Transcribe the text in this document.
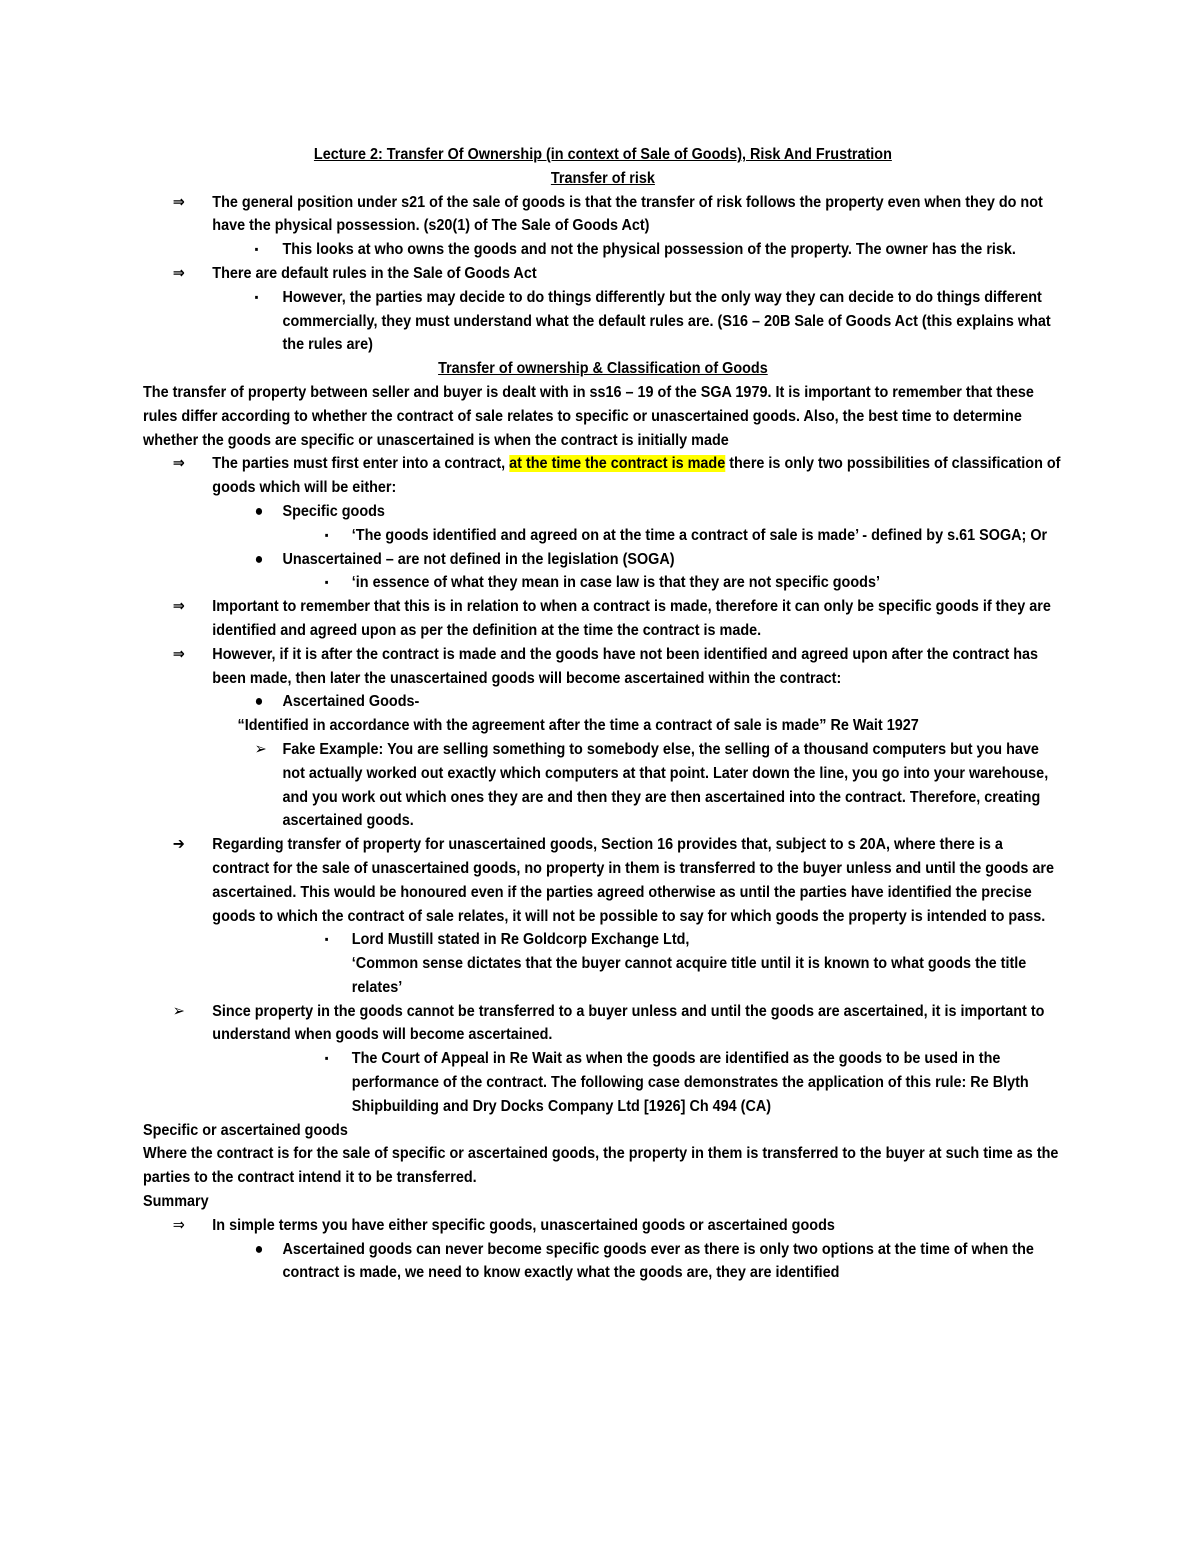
Lecture 2: Transfer Of Ownership (in context of Sale of Goods), Risk And Frustration
Transfer of risk
⇒ The general position under s21 of the sale of goods is that the transfer of risk follows the property even when they do not have the physical possession. (s20(1) of The Sale of Goods Act)
▪ This looks at who owns the goods and not the physical possession of the property. The owner has the risk.
⇒ There are default rules in the Sale of Goods Act
▪ However, the parties may decide to do things differently but the only way they can decide to do things different commercially, they must understand what the default rules are. (S16 – 20B Sale of Goods Act (this explains what the rules are)
Transfer of ownership & Classification of Goods
The transfer of property between seller and buyer is dealt with in ss16 – 19 of the SGA 1979. It is important to remember that these rules differ according to whether the contract of sale relates to specific or unascertained goods. Also, the best time to determine whether the goods are specific or unascertained is when the contract is initially made
⇒ The parties must first enter into a contract, at the time the contract is made there is only two possibilities of classification of goods which will be either:
● Specific goods
▪ ‘The goods identified and agreed on at the time a contract of sale is made’ - defined by s.61 SOGA; Or
● Unascertained – are not defined in the legislation (SOGA)
▪ ‘in essence of what they mean in case law is that they are not specific goods’
⇒ Important to remember that this is in relation to when a contract is made, therefore it can only be specific goods if they are identified and agreed upon as per the definition at the time the contract is made.
⇒ However, if it is after the contract is made and the goods have not been identified and agreed upon after the contract has been made, then later the unascertained goods will become ascertained within the contract:
● Ascertained Goods-
“Identified in accordance with the agreement after the time a contract of sale is made” Re Wait 1927
➢ Fake Example: You are selling something to somebody else, the selling of a thousand computers but you have not actually worked out exactly which computers at that point. Later down the line, you go into your warehouse, and you work out which ones they are and then they are then ascertained into the contract. Therefore, creating ascertained goods.
➔ Regarding transfer of property for unascertained goods, Section 16 provides that, subject to s 20A, where there is a contract for the sale of unascertained goods, no property in them is transferred to the buyer unless and until the goods are ascertained. This would be honoured even if the parties agreed otherwise as until the parties have identified the precise goods to which the contract of sale relates, it will not be possible to say for which goods the property is intended to pass.
▪ Lord Mustill stated in Re Goldcorp Exchange Ltd,
‘Common sense dictates that the buyer cannot acquire title until it is known to what goods the title relates’
➢ Since property in the goods cannot be transferred to a buyer unless and until the goods are ascertained, it is important to understand when goods will become ascertained.
▪ The Court of Appeal in Re Wait as when the goods are identified as the goods to be used in the performance of the contract. The following case demonstrates the application of this rule: Re Blyth Shipbuilding and Dry Docks Company Ltd [1926] Ch 494 (CA)
Specific or ascertained goods
Where the contract is for the sale of specific or ascertained goods, the property in them is transferred to the buyer at such time as the parties to the contract intend it to be transferred.
Summary
⇒ In simple terms you have either specific goods, unascertained goods or ascertained goods
● Ascertained goods can never become specific goods ever as there is only two options at the time of when the contract is made, we need to know exactly what the goods are, they are identified
